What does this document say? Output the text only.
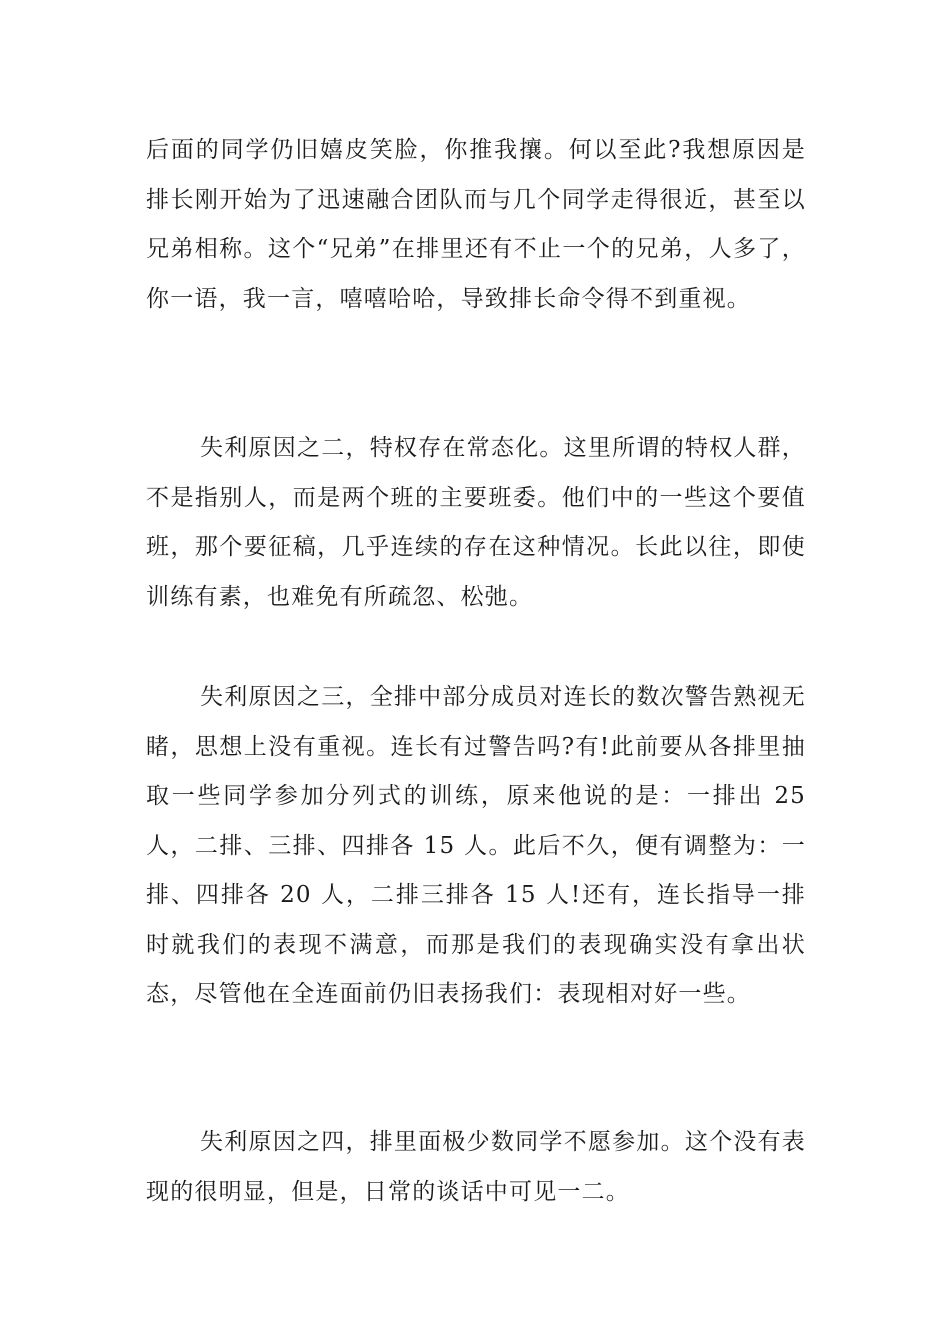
后面的同学仍旧嬉皮笑脸，你推我攘。何以至此?我想原因是排长刚开始为了迅速融合团队而与几个同学走得很近，甚至以兄弟相称。这个“兄弟”在排里还有不止一个的兄弟，人多了，你一语，我一言，嘻嘻哈哈，导致排长命令得不到重视。

失利原因之二，特权存在常态化。这里所谓的特权人群，不是指别人，而是两个班的主要班委。他们中的一些这个要值班，那个要征稿，几乎连续的存在这种情况。长此以往，即使训练有素，也难免有所疏忽、松弛。

失利原因之三，全排中部分成员对连长的数次警告熟视无睹，思想上没有重视。连长有过警告吗?有!此前要从各排里抽取一些同学参加分列式的训练，原来他说的是：一排出 25 人，二排、三排、四排各 15 人。此后不久，便有调整为：一排、四排各 20 人，二排三排各 15 人!还有，连长指导一排时就我们的表现不满意，而那是我们的表现确实没有拿出状态，尽管他在全连面前仍旧表扬我们：表现相对好一些。

失利原因之四，排里面极少数同学不愿参加。这个没有表现的很明显，但是，日常的谈话中可见一二。
